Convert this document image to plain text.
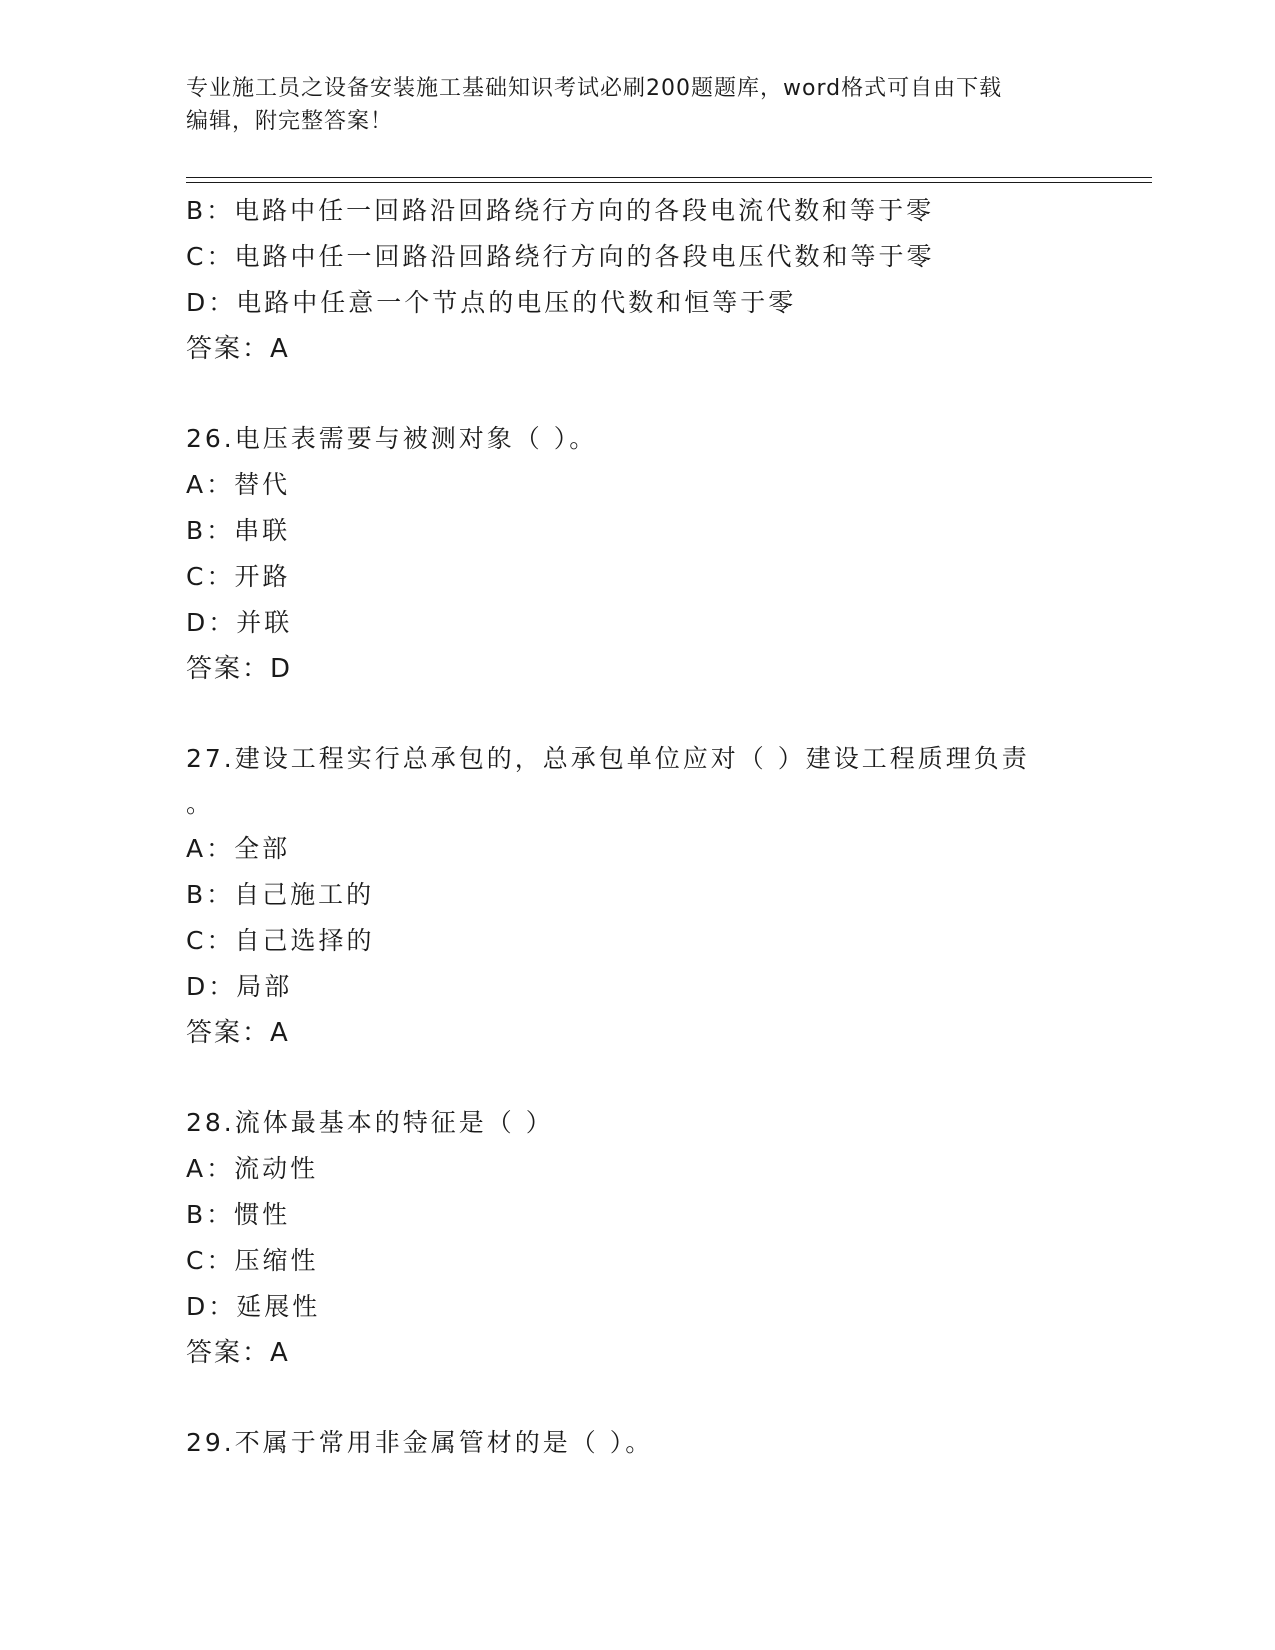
专业施工员之设备安装施工基础知识考试必刷200题题库，word格式可自由下载
编辑，附完整答案！
B：电路中任一回路沿回路绕行方向的各段电流代数和等于零
C：电路中任一回路沿回路绕行方向的各段电压代数和等于零
D：电路中任意一个节点的电压的代数和恒等于零
答案：A
26.电压表需要与被测对象（ ）。
A：替代
B：串联
C：开路
D：并联
答案：D
27.建设工程实行总承包的，总承包单位应对（ ）建设工程质理负责
。
A：全部
B：自己施工的
C：自己选择的
D：局部
答案：A
28.流体最基本的特征是（ ）
A：流动性
B：惯性
C：压缩性
D：延展性
答案：A
29.不属于常用非金属管材的是（ ）。
